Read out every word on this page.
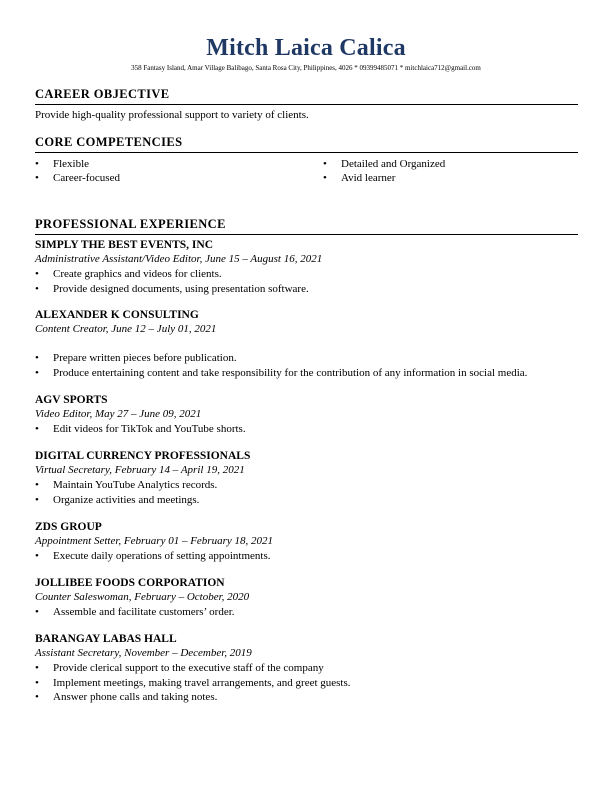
Mitch Laica Calica
358 Fantasy Island, Amar Village Balibago, Santa Rosa City, Philippines, 4026 * 09399485071 * mitchlaica712@gmail.com
CAREER OBJECTIVE
Provide high-quality professional support to variety of clients.
CORE COMPETENCIES
• Flexible
• Career-focused
• Detailed and Organized
• Avid learner
PROFESSIONAL EXPERIENCE
SIMPLY THE BEST EVENTS, INC
Administrative Assistant/Video Editor, June 15 – August 16, 2021
• Create graphics and videos for clients.
• Provide designed documents, using presentation software.
ALEXANDER K CONSULTING
Content Creator, June 12 – July 01, 2021
• Prepare written pieces before publication.
• Produce entertaining content and take responsibility for the contribution of any information in social media.
AGV SPORTS
Video Editor, May 27 – June 09, 2021
• Edit videos for TikTok and YouTube shorts.
DIGITAL CURRENCY PROFESSIONALS
Virtual Secretary, February 14 – April 19, 2021
• Maintain YouTube Analytics records.
• Organize activities and meetings.
ZDS GROUP
Appointment Setter, February 01 – February 18, 2021
• Execute daily operations of setting appointments.
JOLLIBEE FOODS CORPORATION
Counter Saleswoman, February – October, 2020
• Assemble and facilitate customers’ order.
BARANGAY LABAS HALL
Assistant Secretary, November – December, 2019
• Provide clerical support to the executive staff of the company
• Implement meetings, making travel arrangements, and greet guests.
• Answer phone calls and taking notes.
